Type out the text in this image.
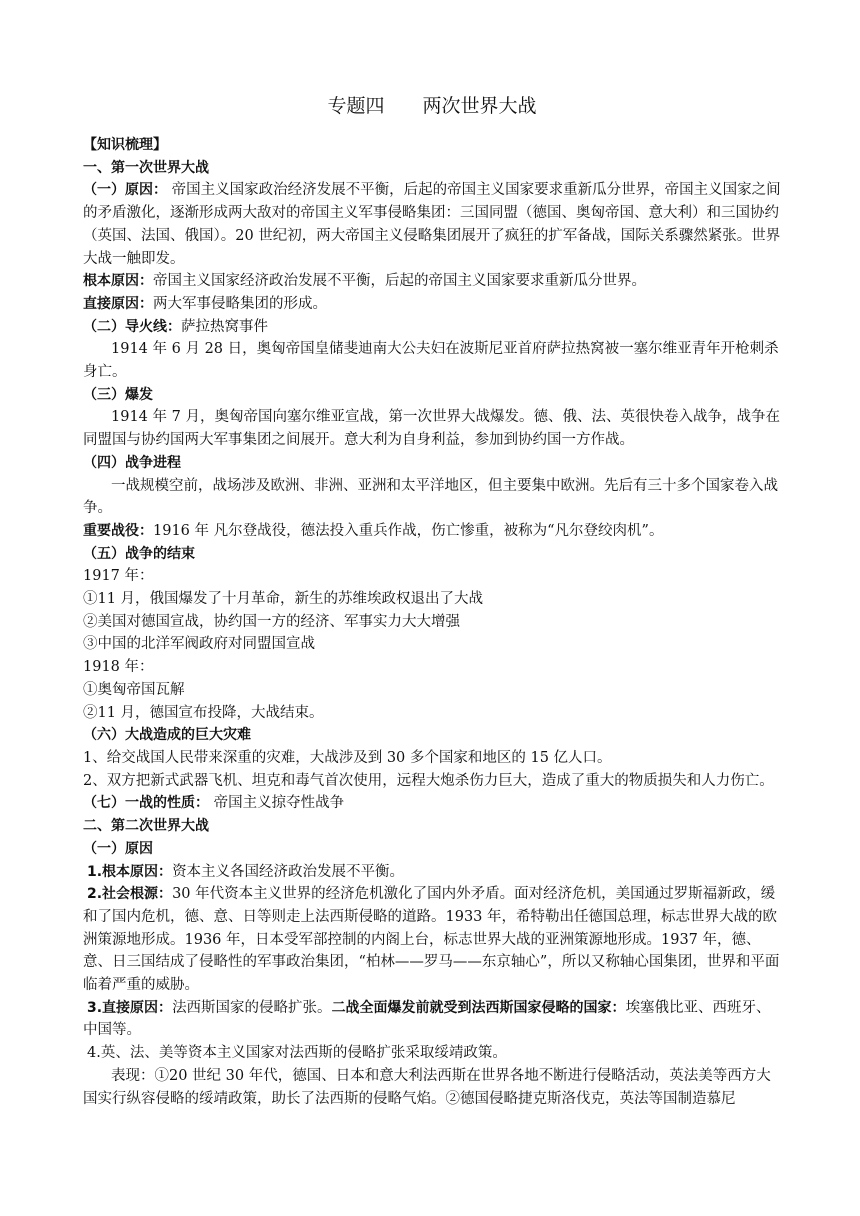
专题四 两次世界大战

【知识梳理】

一、第一次世界大战

（一）原因： 帝国主义国家政治经济发展不平衡，后起的帝国主义国家要求重新瓜分世界，帝国主义国家之间的矛盾激化，逐渐形成两大敌对的帝国主义军事侵略集团：三国同盟（德国、奥匈帝国、意大利）和三国协约（英国、法国、俄国）。20 世纪初，两大帝国主义侵略集团展开了疯狂的扩军备战，国际关系骤然紧张。世界大战一触即发。

根本原因：帝国主义国家经济政治发展不平衡，后起的帝国主义国家要求重新瓜分世界。

直接原因：两大军事侵略集团的形成。

（二）导火线：萨拉热窝事件

1914 年 6 月 28 日，奥匈帝国皇储斐迪南大公夫妇在波斯尼亚首府萨拉热窝被一塞尔维亚青年开枪刺杀身亡。

（三）爆发

1914 年 7 月，奥匈帝国向塞尔维亚宣战，第一次世界大战爆发。德、俄、法、英很快卷入战争，战争在同盟国与协约国两大军事集团之间展开。意大利为自身利益，参加到协约国一方作战。

（四）战争进程

一战规模空前，战场涉及欧洲、非洲、亚洲和太平洋地区，但主要集中欧洲。先后有三十多个国家卷入战争。

重要战役：1916 年 凡尔登战役，德法投入重兵作战，伤亡惨重，被称为“凡尔登绞肉机”。

（五）战争的结束

1917 年：

①11 月，俄国爆发了十月革命，新生的苏维埃政权退出了大战

②美国对德国宣战，协约国一方的经济、军事实力大大增强

③中国的北洋军阀政府对同盟国宣战

1918 年：

①奥匈帝国瓦解

②11 月，德国宣布投降，大战结束。

（六）大战造成的巨大灾难

1、给交战国人民带来深重的灾难，大战涉及到 30 多个国家和地区的 15 亿人口。

2、双方把新式武器飞机、坦克和毒气首次使用，远程大炮杀伤力巨大，造成了重大的物质损失和人力伤亡。

（七）一战的性质： 帝国主义掠夺性战争

二、第二次世界大战

（一）原因

1.根本原因：资本主义各国经济政治发展不平衡。

2.社会根源：30 年代资本主义世界的经济危机激化了国内外矛盾。面对经济危机，美国通过罗斯福新政，缓和了国内危机，德、意、日等则走上法西斯侵略的道路。1933 年，希特勒出任德国总理，标志世界大战的欧洲策源地形成。1936 年，日本受军部控制的内阁上台，标志世界大战的亚洲策源地形成。1937 年，德、意、日三国结成了侵略性的军事政治集团，“柏林——罗马——东京轴心”，所以又称轴心国集团，世界和平面临着严重的威胁。

3.直接原因：法西斯国家的侵略扩张。二战全面爆发前就受到法西斯国家侵略的国家：埃塞俄比亚、西班牙、中国等。

4.英、法、美等资本主义国家对法西斯的侵略扩张采取绥靖政策。

表现：①20 世纪 30 年代，德国、日本和意大利法西斯在世界各地不断进行侵略活动，英法美等西方大国实行纵容侵略的绥靖政策，助长了法西斯的侵略气焰。②德国侵略捷克斯洛伐克，英法等国制造慕尼
